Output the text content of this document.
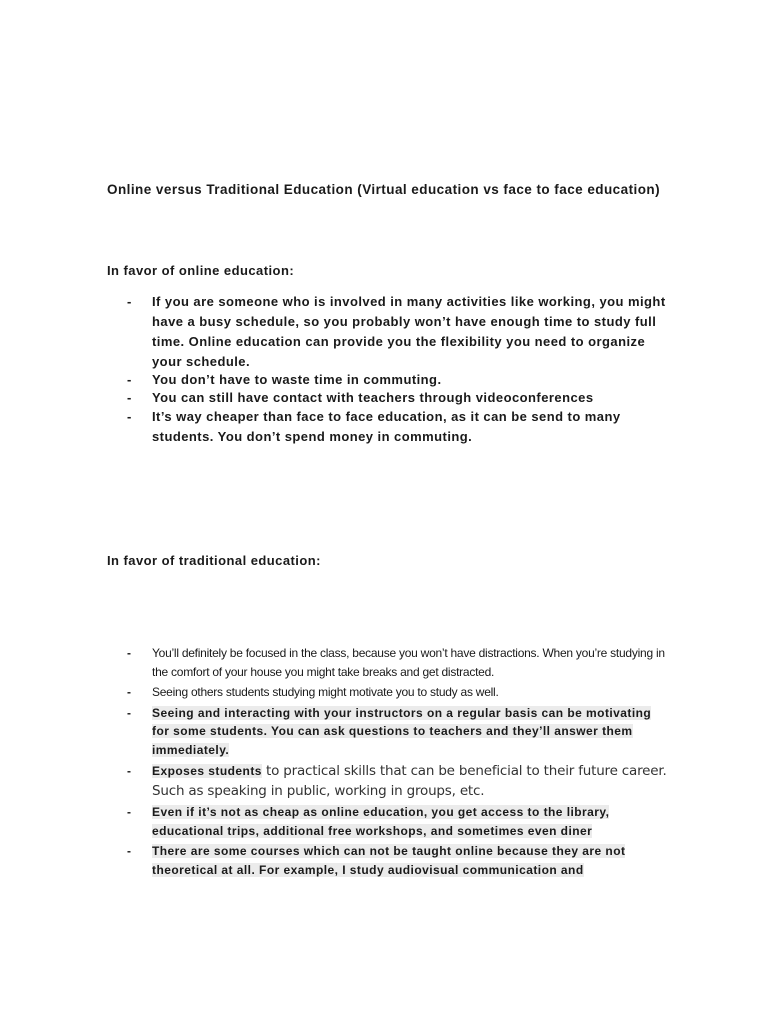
Online versus Traditional Education (Virtual education vs face to face education)
In favor of online education:
- If you are someone who is involved in many activities like working, you might have a busy schedule, so you probably won’t have enough time to study full time. Online education can provide you the flexibility you need to organize your schedule.
- You don’t have to waste time in commuting.
- You can still have contact with teachers through videoconferences
- It’s way cheaper than face to face education, as it can be send to many students. You don’t spend money in commuting.
In favor of traditional education:
- You’ll definitely be focused in the class, because you won’t have distractions. When you’re studying in the comfort of your house you might take breaks and get distracted.
- Seeing others students studying might motivate you to study as well.
- Seeing and interacting with your instructors on a regular basis can be motivating for some students. You can ask questions to teachers and they’ll answer them immediately.
- Exposes students to practical skills that can be beneficial to their future career. Such as speaking in public, working in groups, etc.
- Even if it’s not as cheap as online education, you get access to the library, educational trips, additional free workshops, and sometimes even diner
- There are some courses which can not be taught online because they are not theoretical at all. For example, I study audiovisual communication and
